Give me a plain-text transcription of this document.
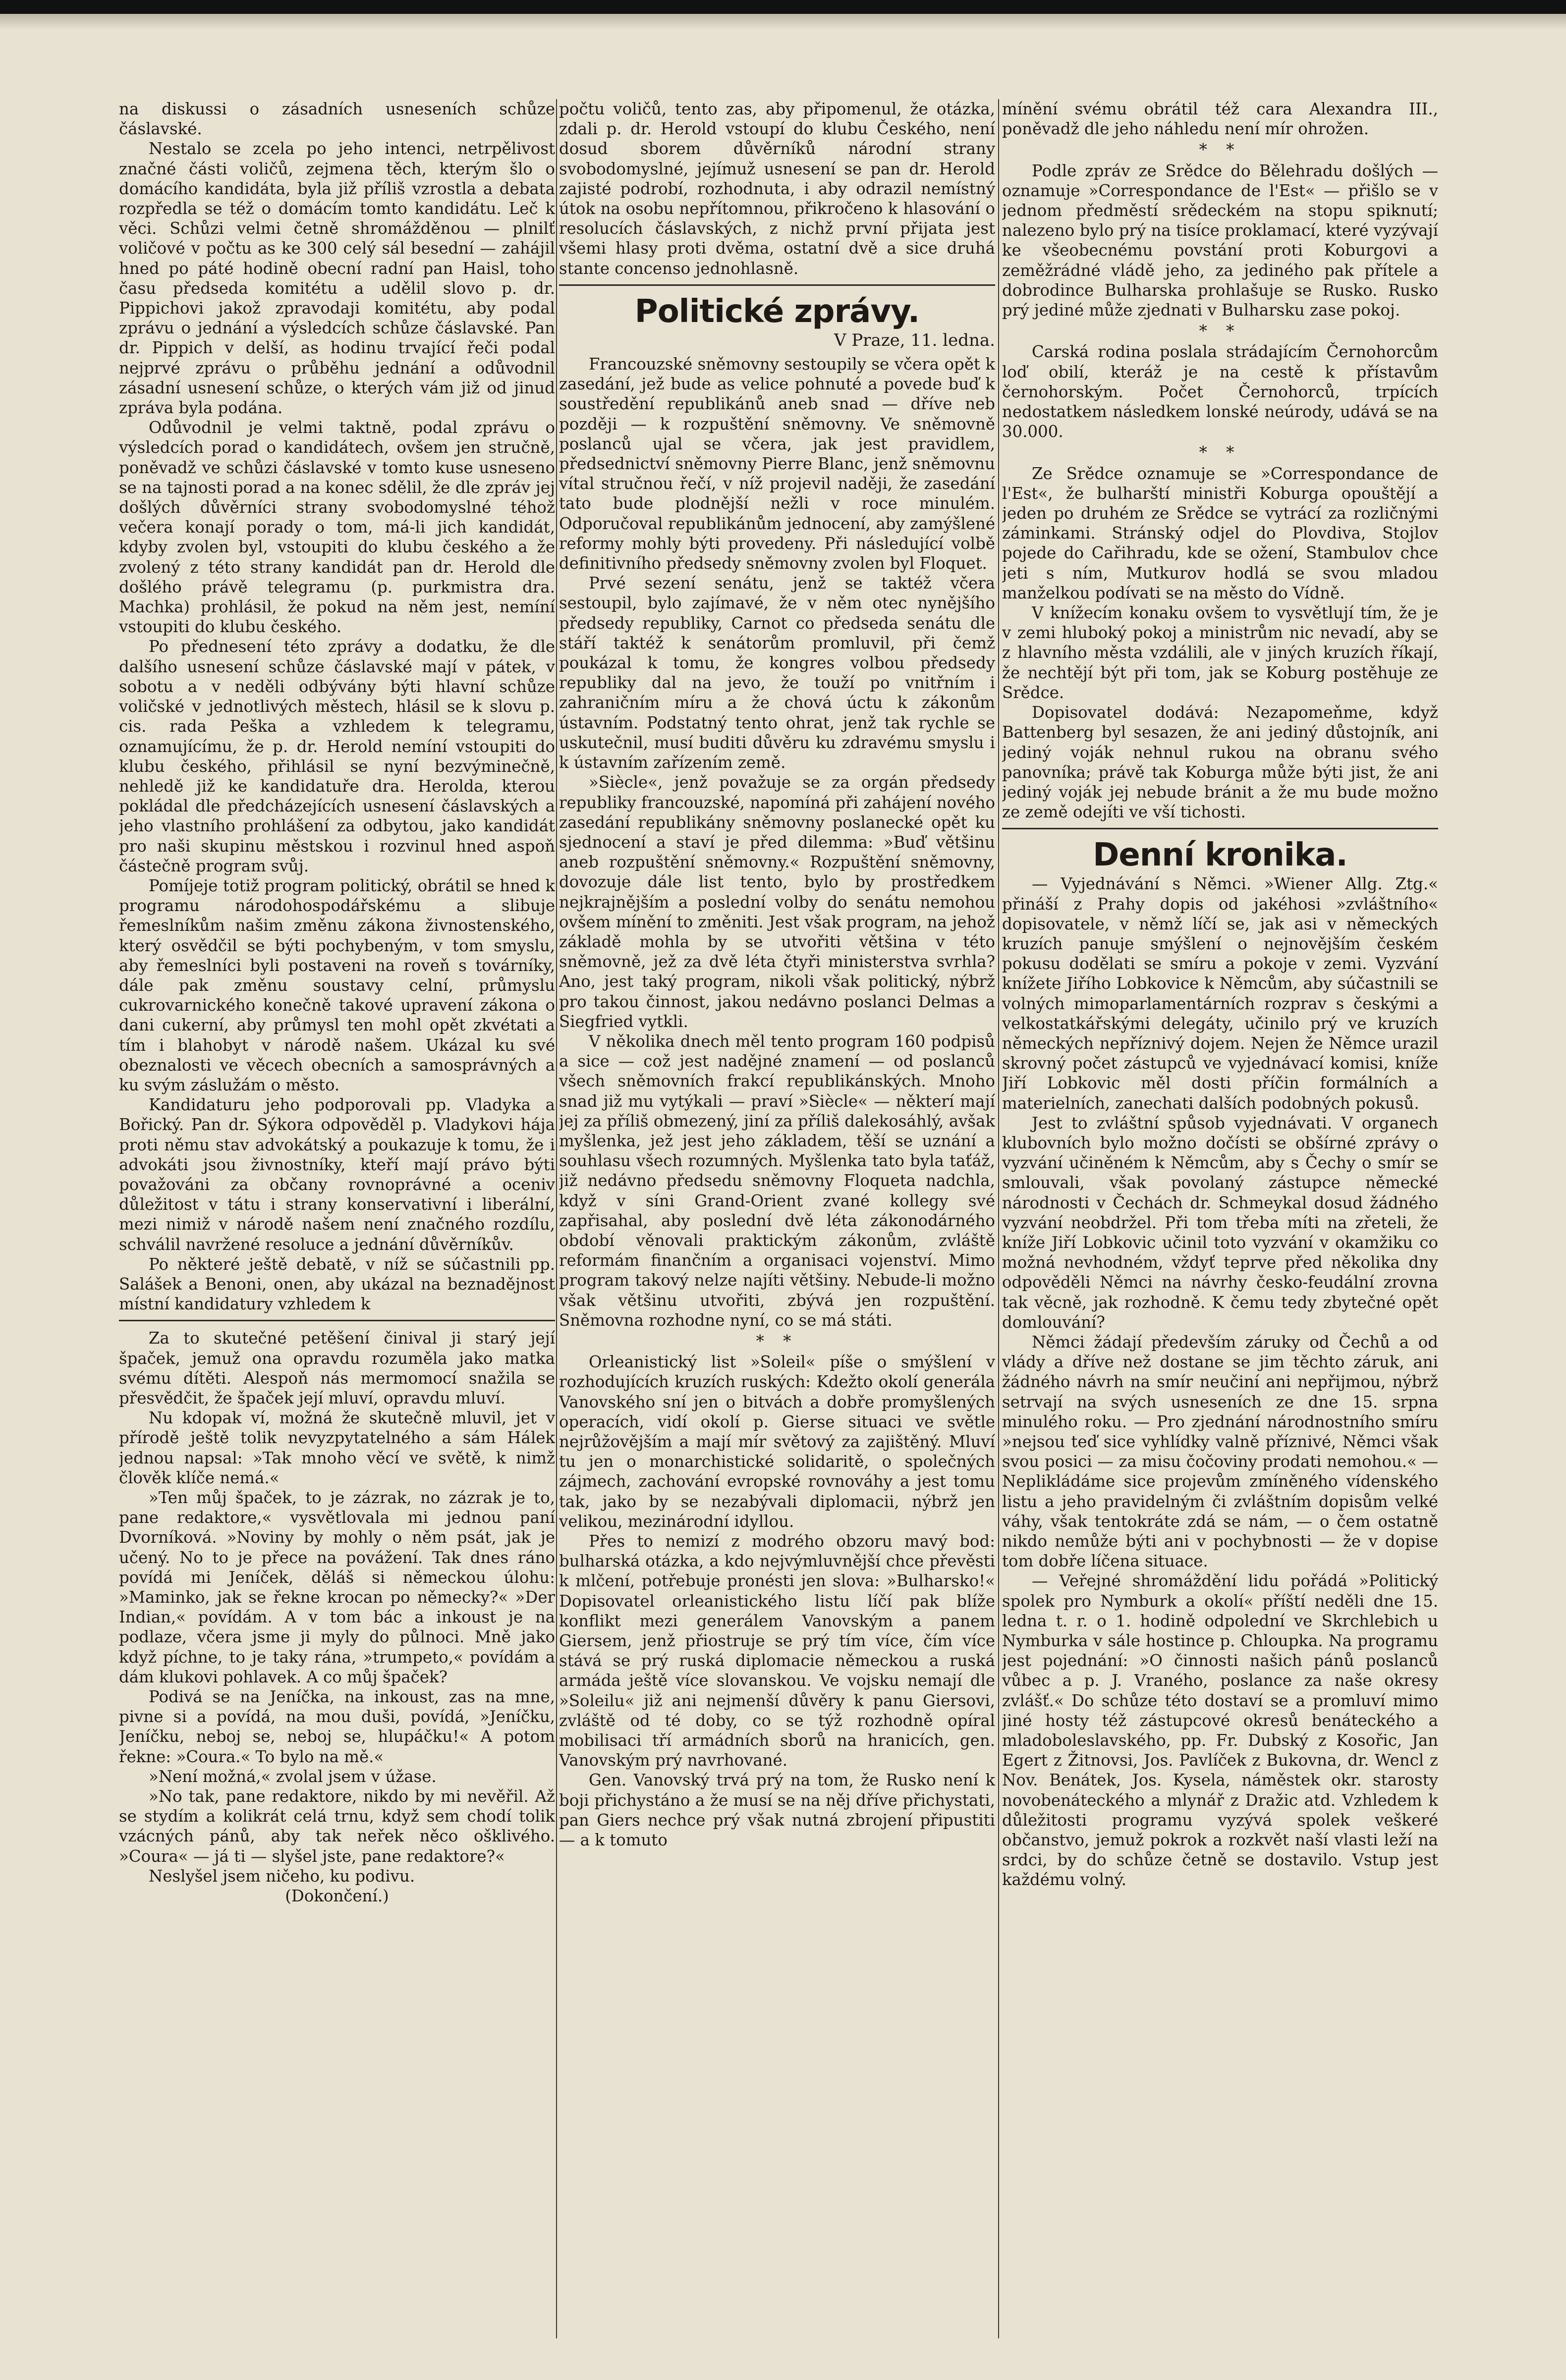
na diskussi o zásadních usneseních schůze čáslavské.

Nestalo se zcela po jeho intenci, netrpělivost značné části voličů, zejmena těch, kterým šlo o domácího kandidáta, byla již příliš vzrostla a debata rozpředla se též o domácím tomto kandidátu. Leč k věci. Schůzi velmi četně shromážděnou — plnilť voličové v počtu as ke 300 celý sál besední — zahájil hned po páté hodině obecní radní pan Haisl, toho času předseda komitétu a udělil slovo p. dr. Pippichovi jakož zpravodaji komitétu, aby podal zprávu o jednání a výsledcích schůze čáslavské. Pan dr. Pippich v delší, as hodinu trvající řeči podal nejprvé zprávu o průběhu jednání a odůvodnil zásadní usnesení schůze, o kterých vám již od jinud zpráva byla podána.

Odůvodnil je velmi taktně, podal zprávu o výsledcích porad o kandidátech, ovšem jen stručně, poněvadž ve schůzi čáslavské v tomto kuse usneseno se na tajnosti porad a na konec sdělil, že dle zpráv jej došlých důvěrníci strany svobodomyslné téhož večera konají porady o tom, má-li jich kandidát, kdyby zvolen byl, vstoupiti do klubu českého a že zvolený z této strany kandidát pan dr. Herold dle došlého právě telegramu (p. purkmistra dra. Machka) prohlásil, že pokud na něm jest, nemíní vstoupiti do klubu českého.

Po přednesení této zprávy a dodatku, že dle dalšího usnesení schůze čáslavské mají v pátek, v sobotu a v neděli odbývány býti hlavní schůze voličské v jednotlivých městech, hlásil se k slovu p. cis. rada Peška a vzhledem k telegramu, oznamujícímu, že p. dr. Herold nemíní vstoupiti do klubu českého, přihlásil se nyní bezvýminečně, nehledě již ke kandidatuře dra. Herolda, kterou pokládal dle předcházejících usnesení čáslavských a jeho vlastního prohlášení za odbytou, jako kandidát pro naši skupinu městskou i rozvinul hned aspoň částečně program svůj.

Pomíjeje totiž program politický, obrátil se hned k programu národohospodářskému a slibuje řemeslníkům našim změnu zákona živnostenského, který osvědčil se býti pochybeným, v tom smyslu, aby řemeslníci byli postaveni na roveň s továrníky, dále pak změnu soustavy celní, průmyslu cukrovarnického konečně takové upravení zákona o dani cukerní, aby průmysl ten mohl opět zkvétati a tím i blahobyt v národě našem. Ukázal ku své obeznalosti ve věcech obecních a samosprávných a ku svým záslužám o město.

Kandidaturu jeho podporovali pp. Vladyka a Bořický. Pan dr. Sýkora odpověděl p. Vladykovi hája proti němu stav advokátský a poukazuje k tomu, že i advokáti jsou živnostníky, kteří mají právo býti považováni za občany rovnoprávné a oceniv důležitost v tátu i strany konservativní i liberální, mezi nimiž v národě našem není značného rozdílu, schválil navržené resoluce a jednání důvěrníkův.

Po některé ještě debatě, v níž se súčastnili pp. Salášek a Benoni, onen, aby ukázal na beznadějnost místní kandidatury vzhledem k

Za to skutečné petěšení činival ji starý její špaček, jemuž ona opravdu rozuměla jako matka svému dítěti. Alespoň nás mermomocí snažila se přesvědčit, že špaček její mluví, opravdu mluví.

Nu kdopak ví, možná že skutečně mluvil, jet v přírodě ještě tolik nevyzpytatelného a sám Hálek jednou napsal: »Tak mnoho věcí ve světě, k nimž člověk klíče nemá.«

»Ten můj špaček, to je zázrak, no zázrak je to, pane redaktore,« vysvětlovala mi jednou paní Dvorníková. »Noviny by mohly o něm psát, jak je učený. No to je přece na povážení. Tak dnes ráno povídá mi Jeníček, děláš si německou úlohu: »Maminko, jak se řekne krocan po německy?« »Der Indian,« povídám. A v tom bác a inkoust je na podlaze, včera jsme ji myly do půlnoci. Mně jako když píchne, to je taky rána, »trumpeto,« povídám a dám klukovi pohlavek. A co můj špaček?

Podivá se na Jeníčka, na inkoust, zas na mne, pivne si a povídá, na mou duši, povídá, »Jeníčku, Jeníčku, neboj se, neboj se, hlupáčku!« A potom řekne: »Coura.« To bylo na mě.«

»Není možná,« zvolal jsem v úžase.

»No tak, pane redaktore, nikdo by mi nevěřil. Až se stydím a kolikrát celá trnu, když sem chodí tolik vzácných pánů, aby tak neřek něco ošklivého. »Coura« — já ti — slyšel jste, pane redaktore?«

Neslyšel jsem ničeho, ku podivu.

(Dokončení.)

počtu voličů, tento zas, aby připomenul, že otázka, zdali p. dr. Herold vstoupí do klubu Českého, není dosud sborem důvěrníků národní strany svobodomyslné, jejímuž usnesení se pan dr. Herold zajisté podrobí, rozhodnuta, i aby odrazil nemístný útok na osobu nepřítomnou, přikročeno k hlasování o resolucích čáslavských, z nichž první přijata jest všemi hlasy proti dvěma, ostatní dvě a sice druhá stante concenso jednohlasně.

Politické zprávy.
V Praze, 11. ledna.

Francouzské sněmovny sestoupily se včera opět k zasedání, jež bude as velice pohnuté a povede buď k soustředění republikánů aneb snad — dříve neb později — k rozpuštění sněmovny. Ve sněmovně poslanců ujal se včera, jak jest pravidlem, předsednictví sněmovny Pierre Blanc, jenž sněmovnu vítal stručnou řečí, v níž projevil naději, že zasedání tato bude plodnější nežli v roce minulém. Odporučoval republikánům jednocení, aby zamýšlené reformy mohly býti provedeny. Při následující volbě definitivního předsedy sněmovny zvolen byl Floquet.

Prvé sezení senátu, jenž se taktéž včera sestoupil, bylo zajímavé, že v něm otec nynějšího předsedy republiky, Carnot co předseda senátu dle stáří taktéž k senátorům promluvil, při čemž poukázal k tomu, že kongres volbou předsedy republiky dal na jevo, že touží po vnitřním i zahraničním míru a že chová úctu k zákonům ústavním. Podstatný tento ohrat, jenž tak rychle se uskutečnil, musí buditi důvěru ku zdravému smyslu i k ústavním zařízením země.

»Siècle«, jenž považuje se za orgán předsedy republiky francouzské, napomíná při zahájení nového zasedání republikány sněmovny poslanecké opět ku sjednocení a staví je před dilemma: »Buď většinu aneb rozpuštění sněmovny.« Rozpuštění sněmovny, dovozuje dále list tento, bylo by prostředkem nejkrajnějším a poslední volby do senátu nemohou ovšem mínění to změniti. Jest však program, na jehož základě mohla by se utvořiti většina v této sněmovně, jež za dvě léta čtyři ministerstva svrhla? Ano, jest taký program, nikoli však politický, nýbrž pro takou činnost, jakou nedávno poslanci Delmas a Siegfried vytkli.

V několika dnech měl tento program 160 podpisů a sice — což jest nadějné znamení — od poslanců všech sněmovních frakcí republikánských. Mnoho snad již mu vytýkali — praví »Siècle« — některí mají jej za příliš obmezený, jiní za příliš dalekosáhlý, avšak myšlenka, jež jest jeho základem, těší se uznání a souhlasu všech rozumných. Myšlenka tato byla taťáž, již nedávno předsedu sněmovny Floqueta nadchla, když v síni Grand-Orient zvané kollegy své zapřisahal, aby poslední dvě léta zákonodárného období věnovali praktickým zákonům, zvláště reformám finančním a organisaci vojenství. Mimo program takový nelze najíti většiny. Nebude-li možno však většinu utvořiti, zbývá jen rozpuštění. Sněmovna rozhodne nyní, co se má státi.

* *

Orleanistický list »Soleil« píše o smýšlení v rozhodujících kruzích ruských: Kdežto okolí generála Vanovského sní jen o bitvách a dobře promyšlených operacích, vidí okolí p. Gierse situaci ve světle nejrůžovějším a mají mír světový za zajištěný. Mluví tu jen o monarchistické solidaritě, o společných zájmech, zachování evropské rovnováhy a jest tomu tak, jako by se nezabývali diplomacii, nýbrž jen velikou, mezinárodní idyllou.

Přes to nemizí z modrého obzoru mavý bod: bulharská otázka, a kdo nejvýmluvnější chce převěsti k mlčení, potřebuje pronésti jen slova: »Bulharsko!« Dopisovatel orleanistického listu líčí pak blíže konflikt mezi generálem Vanovským a panem Giersem, jenž přiostruje se prý tím více, čím více stává se prý ruská diplomacie německou a ruská armáda ještě více slovanskou. Ve vojsku nemají dle »Soleilu« již ani nejmenší důvěry k panu Giersovi, zvláště od té doby, co se týž rozhodně opíral mobilisaci tří armádních sborů na hranicích, gen. Vanovským prý navrhované.

Gen. Vanovský trvá prý na tom, že Rusko není k boji přichystáno a že musí se na něj dříve přichystati, pan Giers nechce prý však nutná zbrojení připustiti — a k tomuto

mínění svému obrátil též cara Alexandra III., poněvadž dle jeho náhledu není mír ohrožen.

* *

Podle zpráv ze Srědce do Bělehradu došlých — oznamuje »Correspondance de l'Est« — přišlo se v jednom předměstí srědeckém na stopu spiknutí; nalezeno bylo prý na tisíce proklamací, které vyzývají ke všeobecnému povstání proti Koburgovi a zeměžrádné vládě jeho, za jediného pak přítele a dobrodince Bulharska prohlašuje se Rusko. Rusko prý jediné může zjednati v Bulharsku zase pokoj.

* *

Carská rodina poslala strádajícím Černohorcům loď obilí, kteráž je na cestě k přístavům černohorským. Počet Černohorců, trpících nedostatkem následkem lonské neúrody, udává se na 30.000.

* *

Ze Srědce oznamuje se »Correspondance de l'Est«, že bulharští ministři Koburga opouštějí a jeden po druhém ze Srědce se vytrácí za rozličnými záminkami. Stránský odjel do Plovdiva, Stojlov pojede do Cařihradu, kde se ožení, Stambulov chce jeti s ním, Mutkurov hodlá se svou mladou manželkou podívati se na město do Vídně.

V knížecím konaku ovšem to vysvětlují tím, že je v zemi hluboký pokoj a ministrům nic nevadí, aby se z hlavního města vzdálili, ale v jiných kruzích říkají, že nechtějí být při tom, jak se Koburg postěhuje ze Srědce.

Dopisovatel dodává: Nezapomeňme, když Battenberg byl sesazen, že ani jediný důstojník, ani jediný voják nehnul rukou na obranu svého panovníka; právě tak Koburga může býti jist, že ani jediný voják jej nebude bránit a že mu bude možno ze země odejíti ve vší tichosti.

Denní kronika.

— Vyjednávání s Němci. »Wiener Allg. Ztg.« přináší z Prahy dopis od jakéhosi »zvláštního« dopisovatele, v němž líčí se, jak asi v německých kruzích panuje smýšlení o nejnovějším českém pokusu dodělati se smíru a pokoje v zemi. Vyzvání knížete Jiřího Lobkovice k Němcům, aby súčastnili se volných mimoparlamentárních rozprav s českými a velkostatkářskými delegáty, učinilo prý ve kruzích německých nepříznivý dojem. Nejen že Němce urazil skrovný počet zástupců ve vyjednávací komisi, kníže Jiří Lobkovic měl dosti příčin formálních a materielních, zanechati dalších podobných pokusů.

Jest to zvláštní spůsob vyjednávati. V organech klubovních bylo možno dočísti se obšírné zprávy o vyzvání učiněném k Němcům, aby s Čechy o smír se smlouvali, však povolaný zástupce německé národnosti v Čechách dr. Schmeykal dosud žádného vyzvání neobdržel. Při tom třeba míti na zřeteli, že kníže Jiří Lobkovic učinil toto vyzvání v okamžiku co možná nevhodném, vždyť teprve před několika dny odpověděli Němci na návrhy česko-feudální zrovna tak věcně, jak rozhodně. K čemu tedy zbytečné opět domlouvání?

Němci žádají především záruky od Čechů a od vlády a dříve než dostane se jim těchto záruk, ani žádného návrh na smír neučiní ani nepřijmou, nýbrž setrvají na svých usneseních ze dne 15. srpna minulého roku. — Pro zjednání národnostního smíru »nejsou teď sice vyhlídky valně příznivé, Němci však svou posici — za misu čočoviny prodati nemohou.« — Neplikládáme sice projevům zmíněného vídenského listu a jeho pravidelným či zvláštním dopisům velké váhy, však tentokráte zdá se nám, — o čem ostatně nikdo nemůže býti ani v pochybnosti — že v dopise tom dobře líčena situace.

— Veřejné shromáždění lidu pořádá »Politický spolek pro Nymburk a okolí« příští neděli dne 15. ledna t. r. o 1. hodině odpolední ve Skrchlebich u Nymburka v sále hostince p. Chloupka. Na programu jest pojednání: »O činnosti našich pánů poslanců vůbec a p. J. Vraného, poslance za naše okresy zvlášť.« Do schůze této dostaví se a promluví mimo jiné hosty též zástupcové okresů benáteckého a mladoboleslavského, pp. Fr. Dubský z Kosořic, Jan Egert z Žitnovsi, Jos. Pavlíček z Bukovna, dr. Wencl z Nov. Benátek, Jos. Kysela, náměstek okr. starosty novobenáteckého a mlynář z Dražic atd. Vzhledem k důležitosti programu vyzývá spolek veškeré občanstvo, jemuž pokrok a rozkvět naší vlasti leží na srdci, by do schůze četně se dostavilo. Vstup jest každému volný.
